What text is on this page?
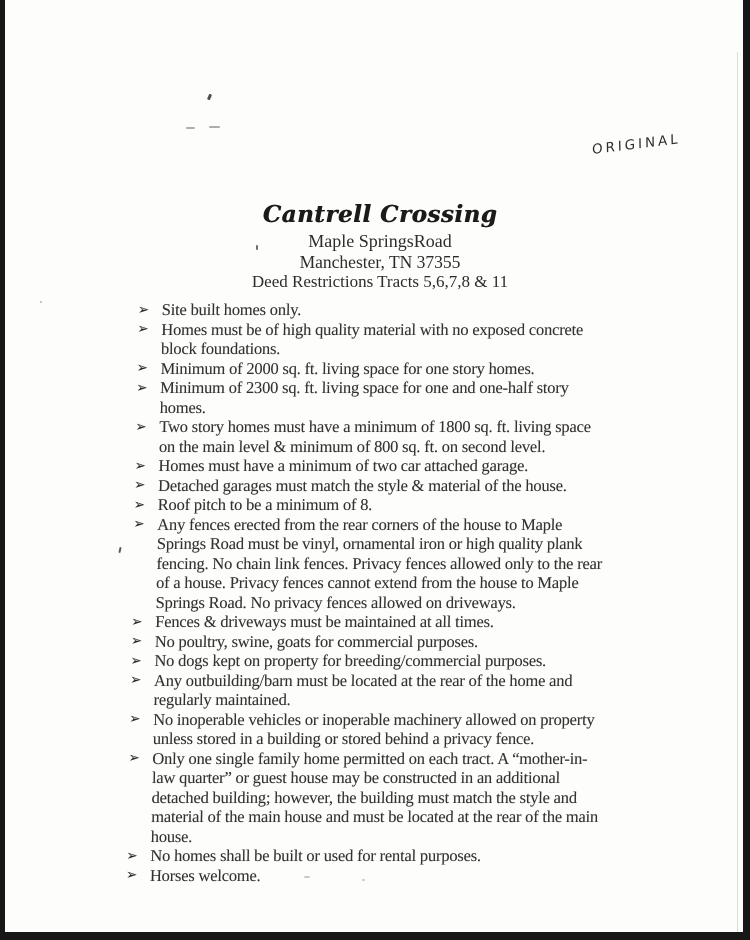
ORIGINAL
Cantrell Crossing
Maple SpringsRoad
Manchester, TN 37355
Deed Restrictions Tracts 5,6,7,8 & 11
➢ Site built homes only.
➢ Homes must be of high quality material with no exposed concrete block foundations.
➢ Minimum of 2000 sq. ft. living space for one story homes.
➢ Minimum of 2300 sq. ft. living space for one and one-half story homes.
➢ Two story homes must have a minimum of 1800 sq. ft. living space on the main level & minimum of 800 sq. ft. on second level.
➢ Homes must have a minimum of two car attached garage.
➢ Detached garages must match the style & material of the house.
➢ Roof pitch to be a minimum of 8.
➢ Any fences erected from the rear corners of the house to Maple Springs Road must be vinyl, ornamental iron or high quality plank fencing. No chain link fences. Privacy fences allowed only to the rear of a house. Privacy fences cannot extend from the house to Maple Springs Road. No privacy fences allowed on driveways.
➢ Fences & driveways must be maintained at all times.
➢ No poultry, swine, goats for commercial purposes.
➢ No dogs kept on property for breeding/commercial purposes.
➢ Any outbuilding/barn must be located at the rear of the home and regularly maintained.
➢ No inoperable vehicles or inoperable machinery allowed on property unless stored in a building or stored behind a privacy fence.
➢ Only one single family home permitted on each tract. A “mother-in-law quarter” or guest house may be constructed in an additional detached building; however, the building must match the style and material of the main house and must be located at the rear of the main house.
➢ No homes shall be built or used for rental purposes.
➢ Horses welcome.
